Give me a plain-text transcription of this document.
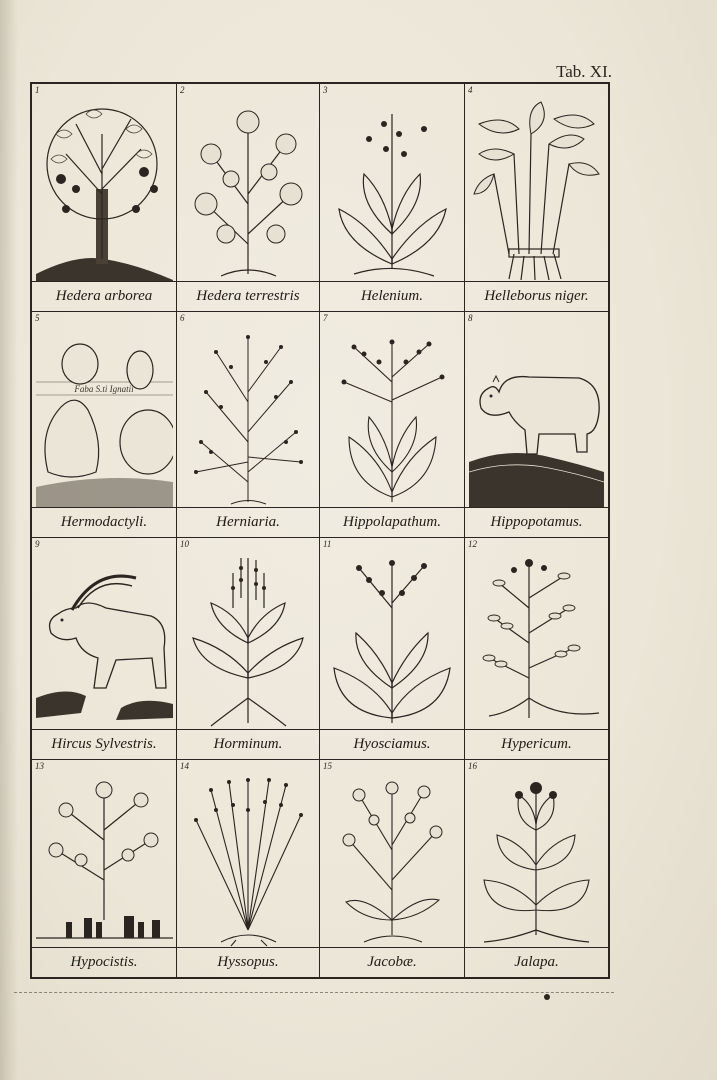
Tab. XI.
1
Hedera arborea
2
Hedera terrestris
3
Helenium.
4
Helleborus niger.
5
Faba S.ti Ignatii
Hermodactyli.
6
Herniaria.
7
Hippolapathum.
8
Hippopotamus.
9
Hircus Sylvestris.
10
Horminum.
11
Hyosciamus.
12
Hypericum.
13
Hypocistis.
14
Hyssopus.
15
Jacobæ.
16
Jalapa.
